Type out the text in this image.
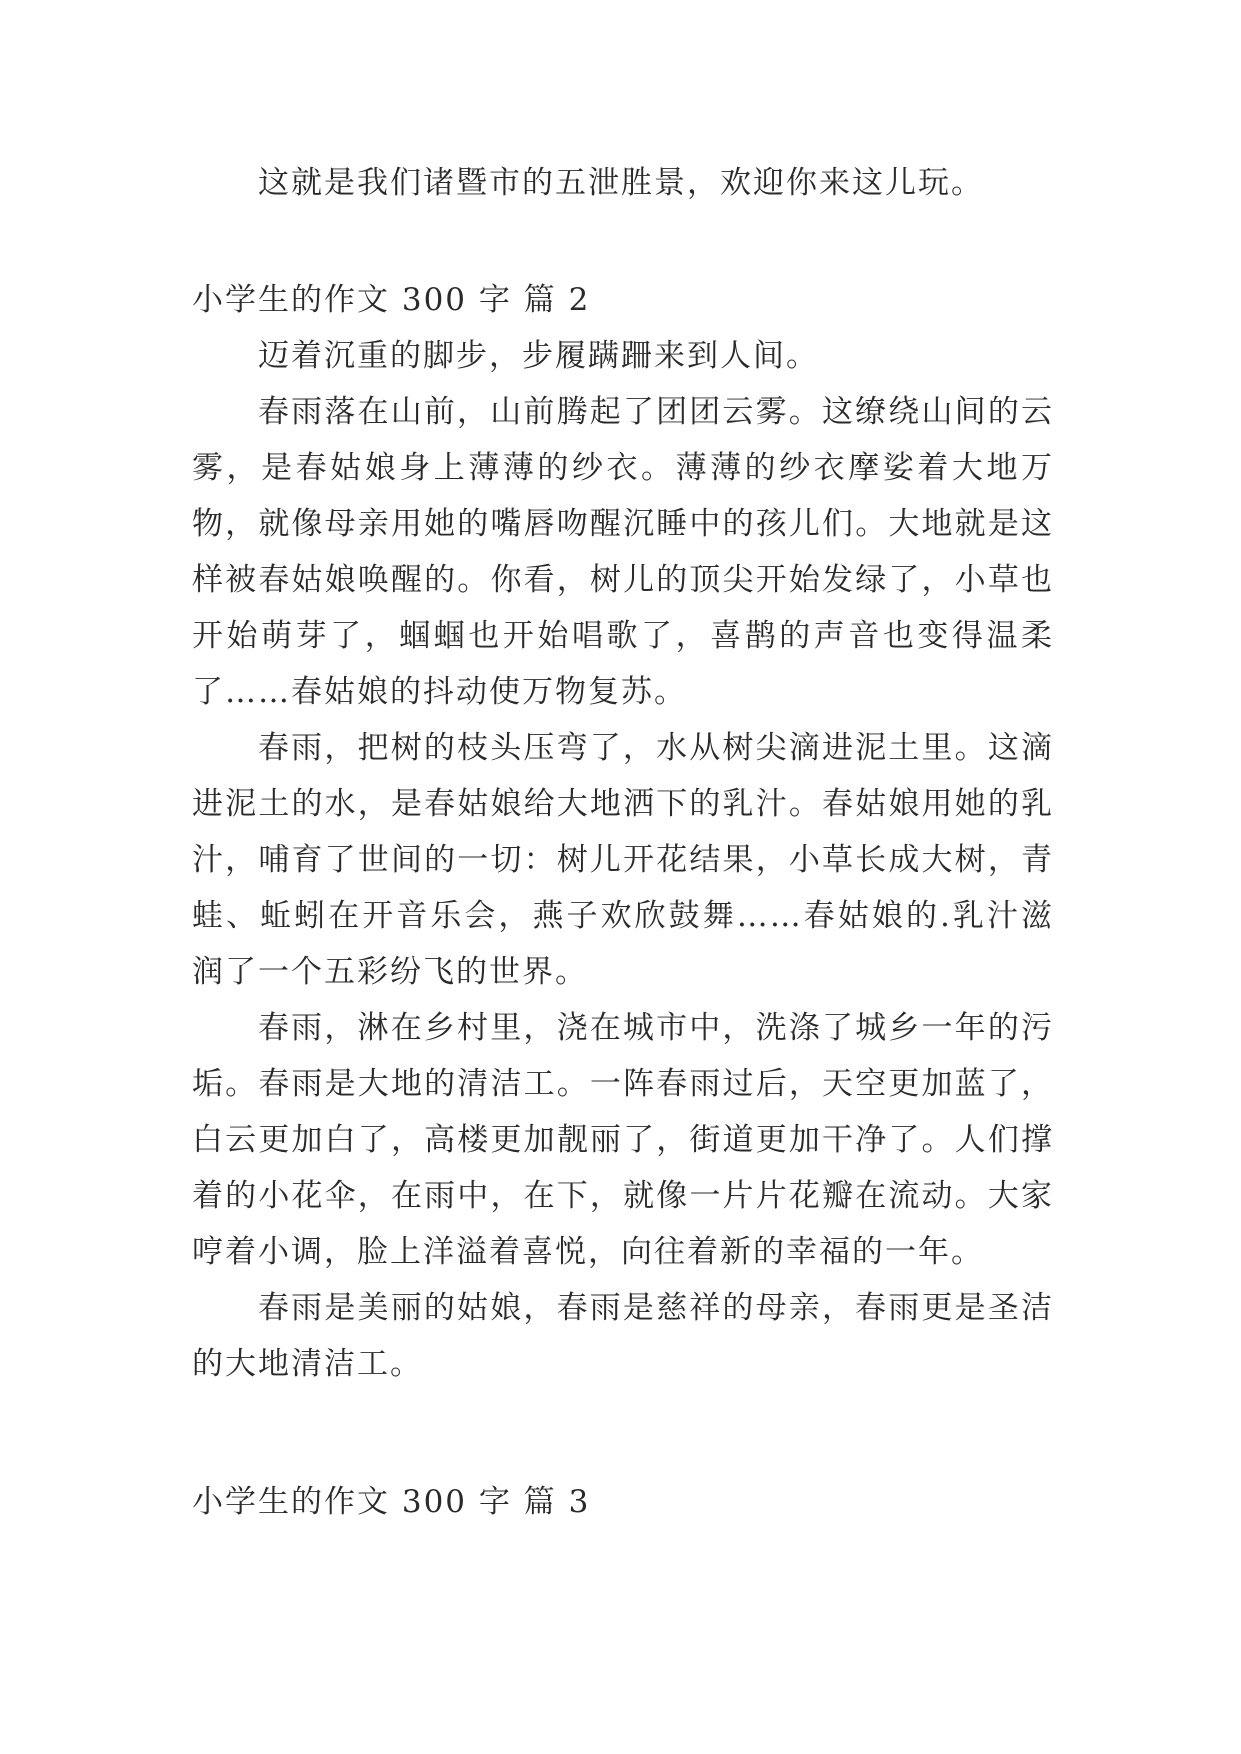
这就是我们诸暨市的五泄胜景，欢迎你来这儿玩。

小学生的作文 300 字 篇 2

迈着沉重的脚步，步履蹒跚来到人间。

春雨落在山前，山前腾起了团团云雾。这缭绕山间的云雾，是春姑娘身上薄薄的纱衣。薄薄的纱衣摩娑着大地万物，就像母亲用她的嘴唇吻醒沉睡中的孩儿们。大地就是这样被春姑娘唤醒的。你看，树儿的顶尖开始发绿了，小草也开始萌芽了，蝈蝈也开始唱歌了，喜鹊的声音也变得温柔了……春姑娘的抖动使万物复苏。

春雨，把树的枝头压弯了，水从树尖滴进泥土里。这滴进泥土的水，是春姑娘给大地洒下的乳汁。春姑娘用她的乳汁，哺育了世间的一切：树儿开花结果，小草长成大树，青蛙、蚯蚓在开音乐会，燕子欢欣鼓舞……春姑娘的.乳汁滋润了一个五彩纷飞的世界。

春雨，淋在乡村里，浇在城市中，洗涤了城乡一年的污垢。春雨是大地的清洁工。一阵春雨过后，天空更加蓝了，白云更加白了，高楼更加靓丽了，街道更加干净了。人们撑着的小花伞，在雨中，在下，就像一片片花瓣在流动。大家哼着小调，脸上洋溢着喜悦，向往着新的幸福的一年。

春雨是美丽的姑娘，春雨是慈祥的母亲，春雨更是圣洁的大地清洁工。

小学生的作文 300 字 篇 3
